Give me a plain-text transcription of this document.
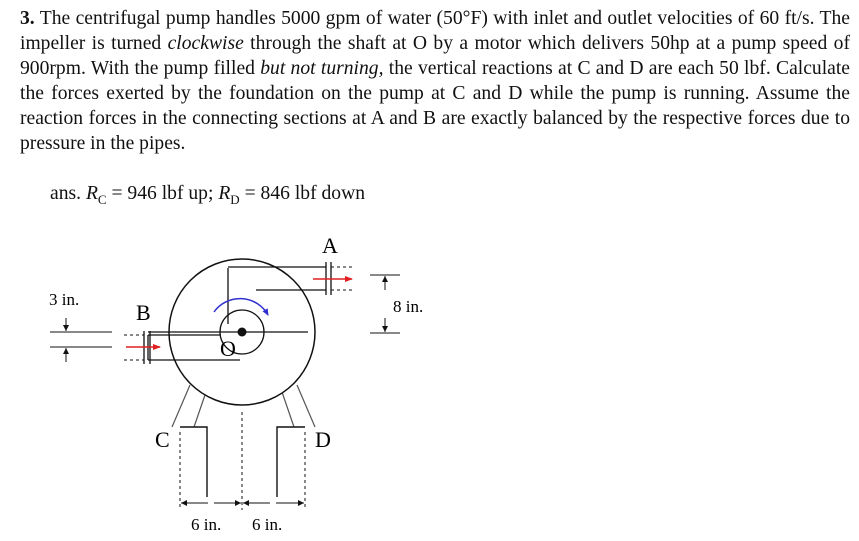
3. The centrifugal pump handles 5000 gpm of water (50°F) with inlet and outlet velocities of 60 ft/s. The impeller is turned clockwise through the shaft at O by a motor which delivers 50hp at a pump speed of 900rpm. With the pump filled but not turning, the vertical reactions at C and D are each 50 lbf. Calculate the forces exerted by the foundation on the pump at C and D while the pump is running. Assume the reaction forces in the connecting sections at A and B are exactly balanced by the respective forces due to pressure in the pipes.
ans. $R_C = 946$ lbf up; $R_D = 846$ lbf down
A
B
C	D
O
3 in.	8 in.
6 in. 6 in.
